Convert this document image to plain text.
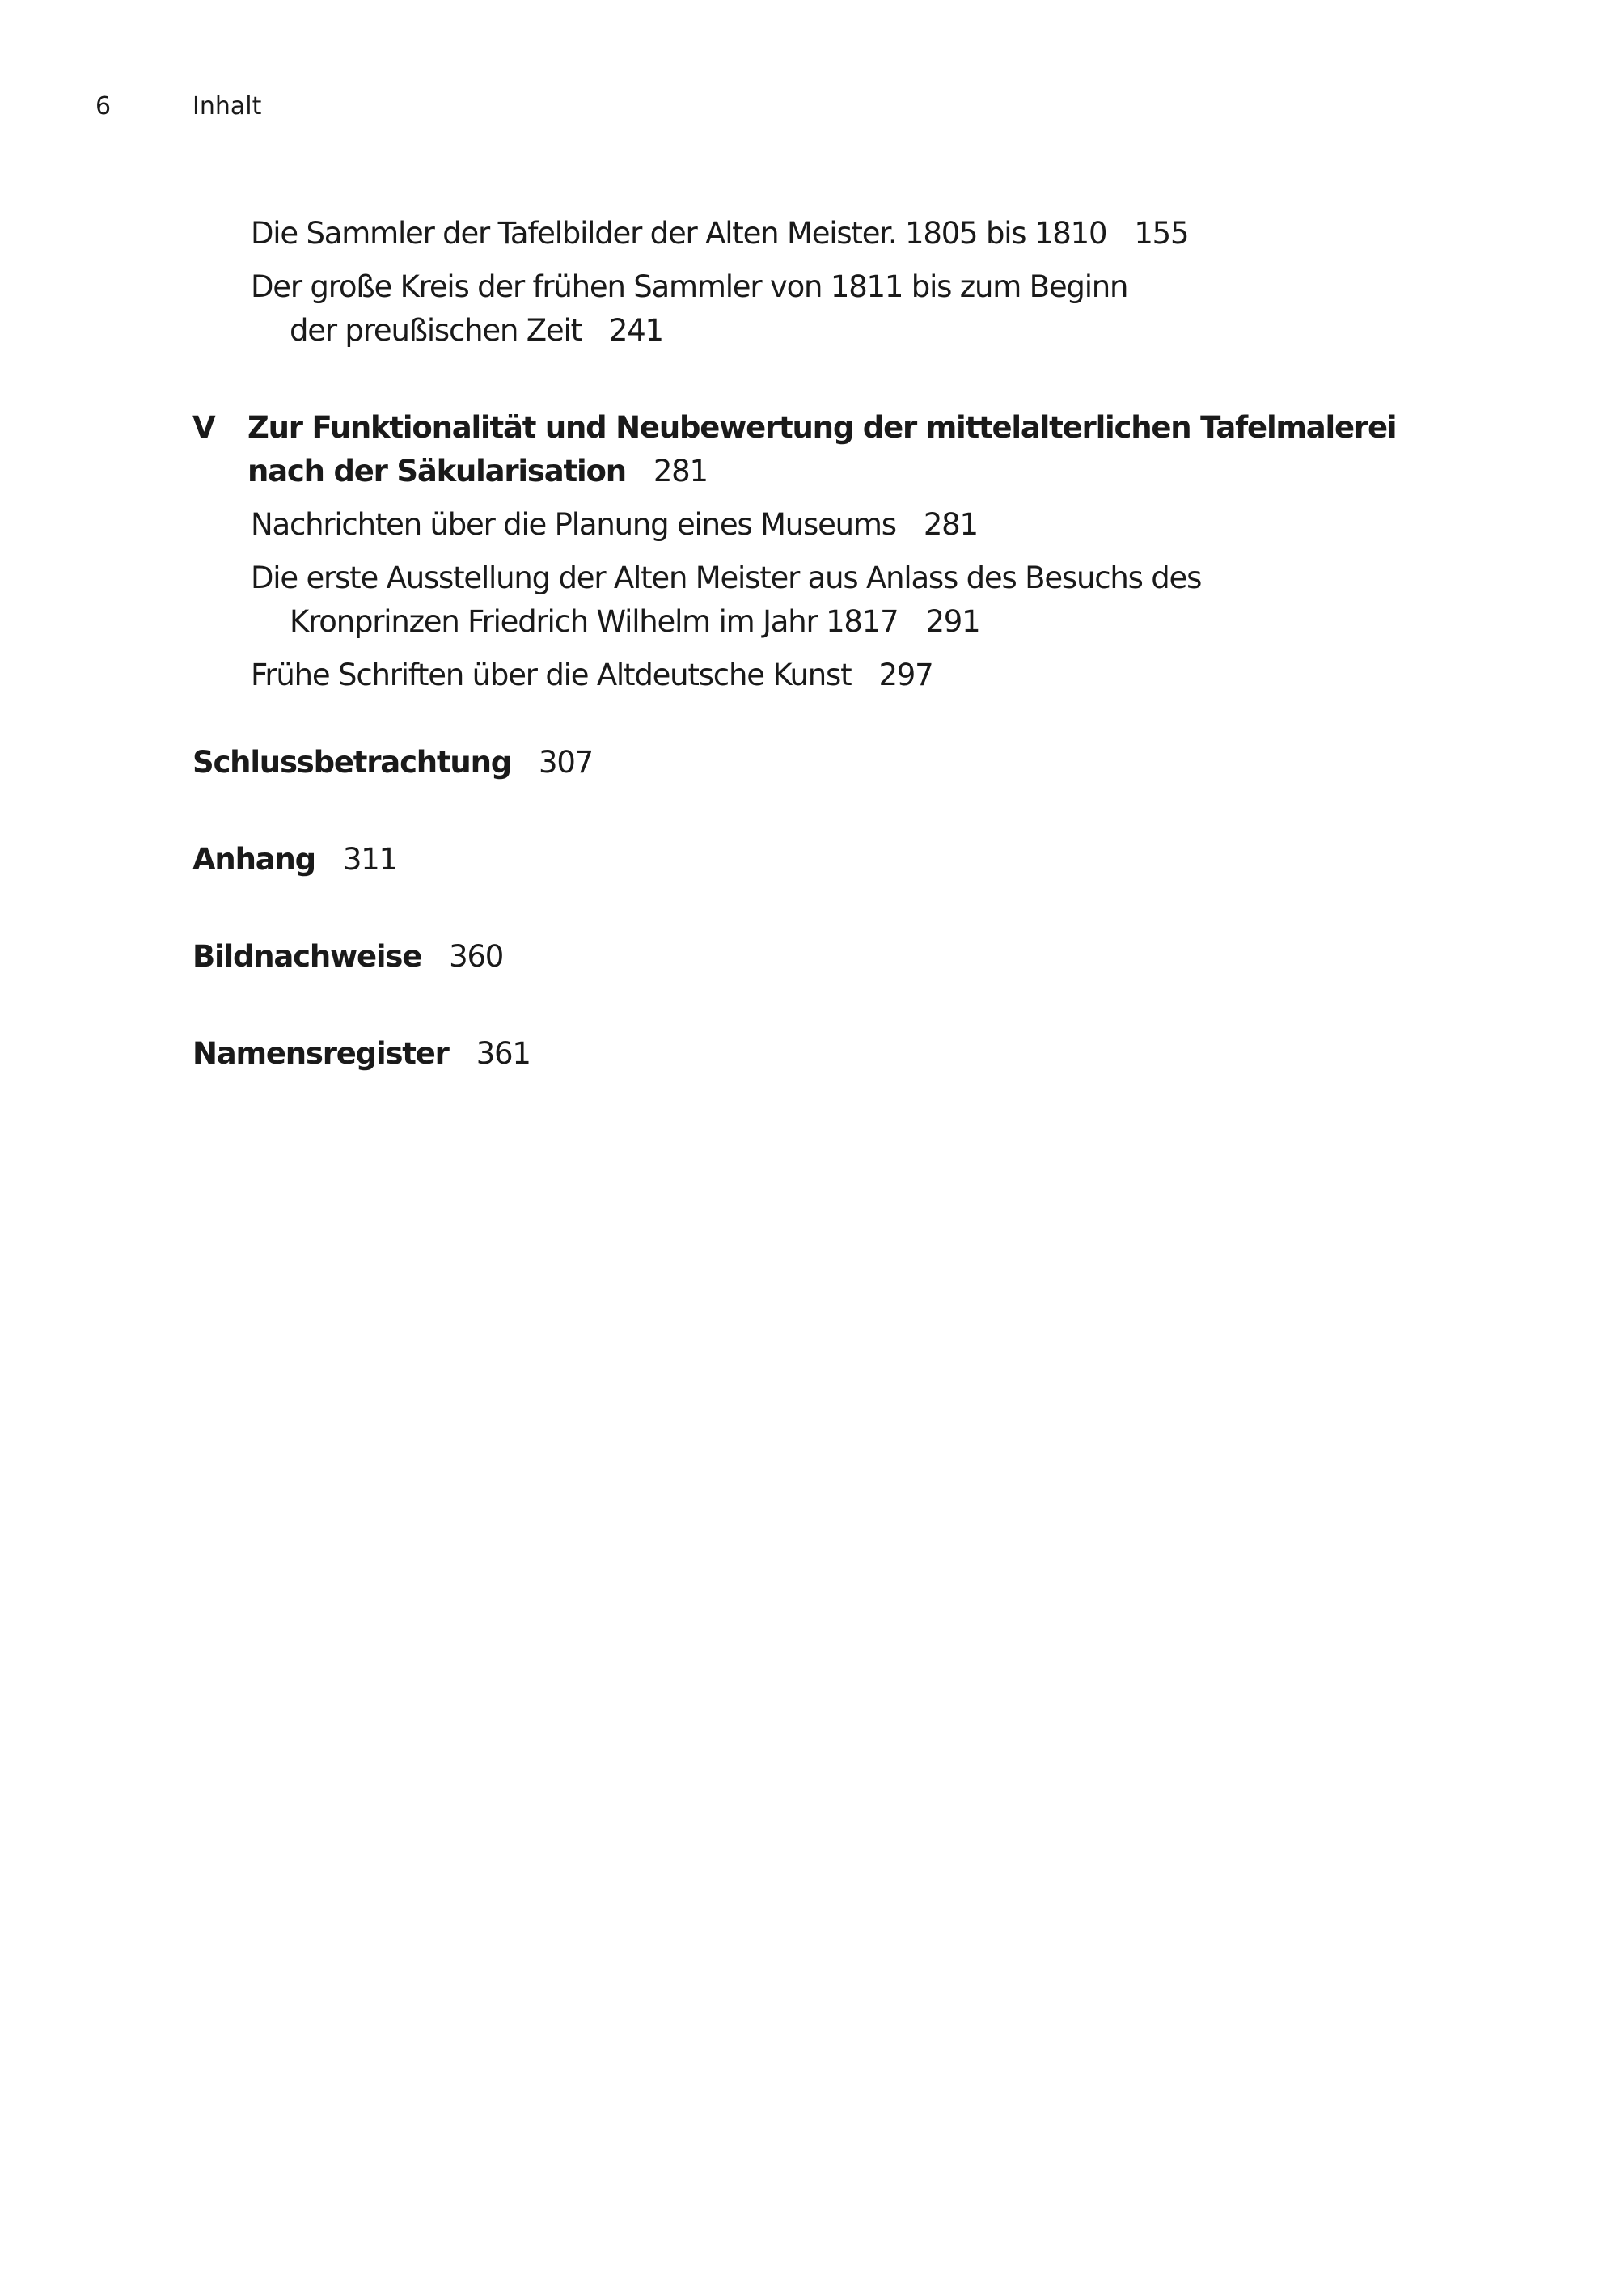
6	Inhalt
Die Sammler der Tafelbilder der Alten Meister. 1805 bis 1810 155
Der große Kreis der frühen Sammler von 1811 bis zum Beginn
der preußischen Zeit 241
V Zur Funktionalität und Neubewertung der mittelalterlichen Tafelmalerei
nach der Säkularisation 281
Nachrichten über die Planung eines Museums 281
Die erste Ausstellung der Alten Meister aus Anlass des Besuchs des
Kronprinzen Friedrich Wilhelm im Jahr 1817 291
Frühe Schriften über die Altdeutsche Kunst 297
Schlussbetrachtung 307
Anhang 311
Bildnachweise 360
Namensregister 361
